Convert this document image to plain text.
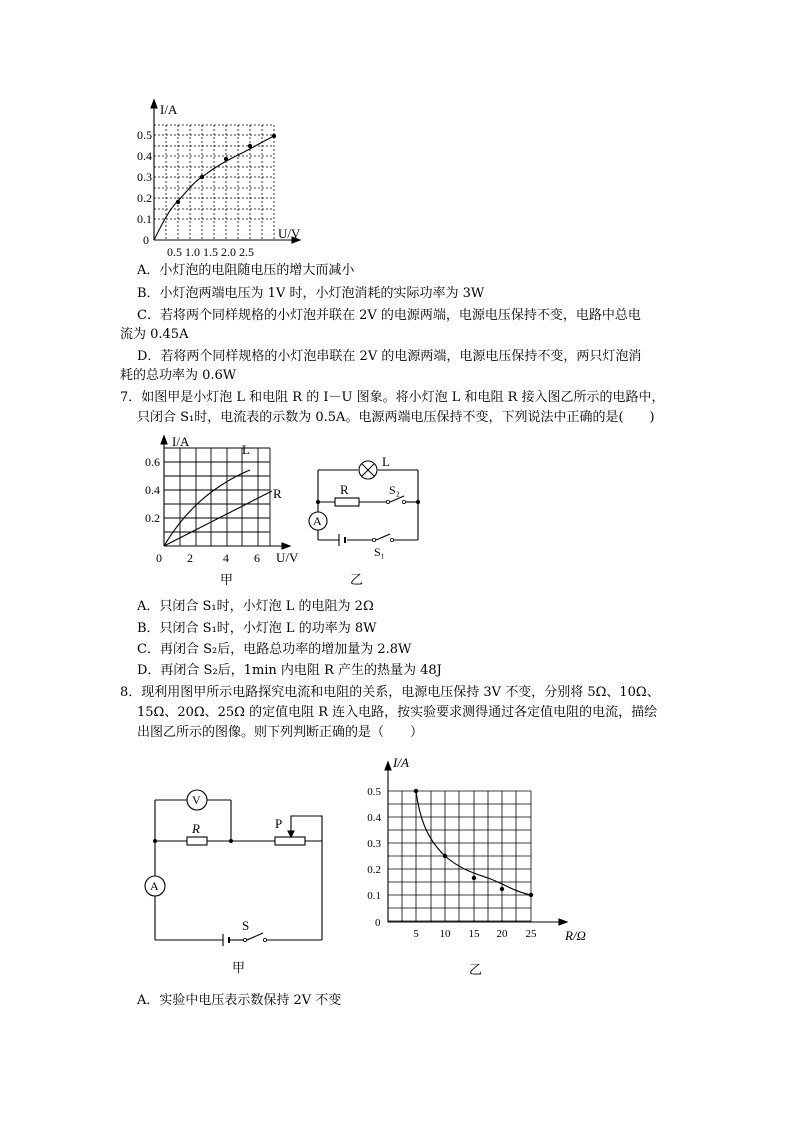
I/A
U/V
0
0.5
0.4
0.3
0.2
0.1
0.5 1.0 1.5 2.0 2.5
A．小灯泡的电阻随电压的增大而减小
B．小灯泡两端电压为 1V 时，小灯泡消耗的实际功率为 3W
C．若将两个同样规格的小灯泡并联在 2V 的电源两端，电源电压保持不变，电路中总电
流为 0.45A
D．若将两个同样规格的小灯泡串联在 2V 的电源两端，电源电压保持不变，两只灯泡消
耗的总功率为 0.6W
7．如图甲是小灯泡 L 和电阻 R 的 I－U 图象。将小灯泡 L 和电阻 R 接入图乙所示的电路中，
只闭合 S₁时，电流表的示数为 0.5A。电源两端电压保持不变，下列说法中正确的是(　　)
I/A
L
R
0.6
0.4
0.2
0 2	4 6 U/V
甲
L
R	S₂
A
S₁
乙
A．只闭合 S₁时，小灯泡 L 的电阻为 2Ω
B．只闭合 S₁时，小灯泡 L 的功率为 8W
C．再闭合 S₂后，电路总功率的增加量为 2.8W
D．再闭合 S₂后，1min 内电阻 R 产生的热量为 48J
8．现利用图甲所示电路探究电流和电阻的关系，电源电压保持 3V 不变，分别将 5Ω、10Ω、
15Ω、20Ω、25Ω 的定值电阻 R 连入电路，按实验要求测得通过各定值电阻的电流，描绘
出图乙所示的图像。则下列判断正确的是（　　）
V
R	P
A
S
甲
I/A
0.5
0.4
0.3
0.2
0.1
0
5 10 15 20 25 R/Ω
乙
A．实验中电压表示数保持 2V 不变
